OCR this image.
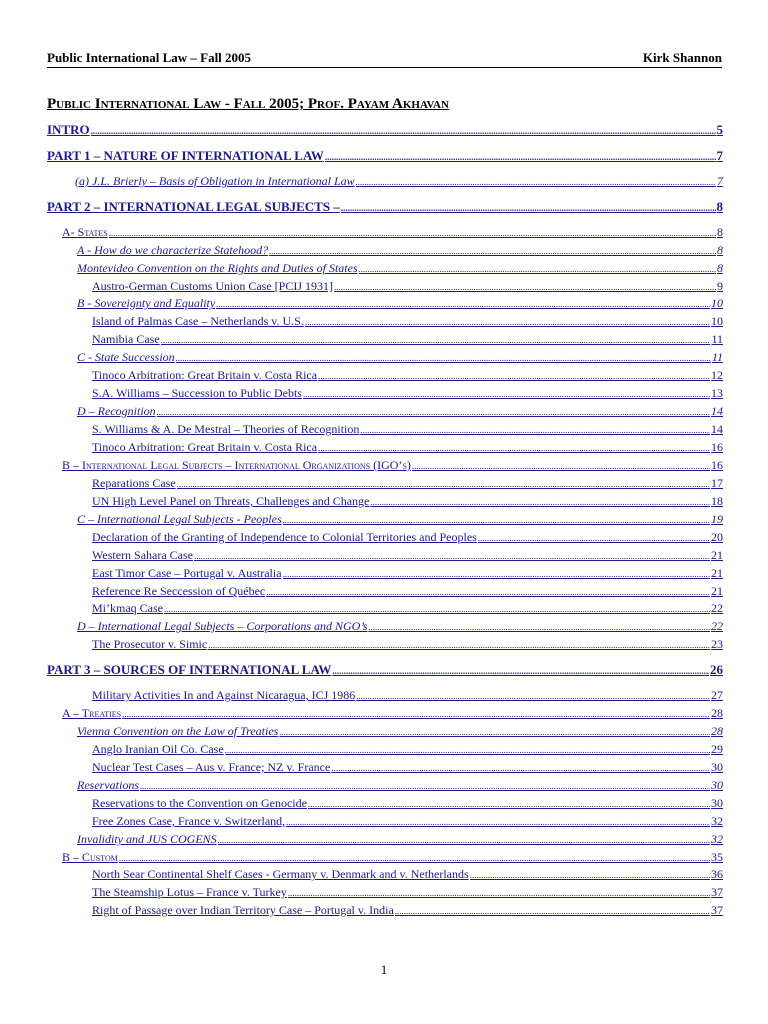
Public International Law – Fall 2005	Kirk Shannon
Public International Law - Fall 2005; Prof. Payam Akhavan
INTRO .....	5
PART 1 – NATURE OF INTERNATIONAL LAW .....	7
(a) J.L. Brierly – Basis of Obligation in International Law .....	7
PART 2 – INTERNATIONAL LEGAL SUBJECTS – .....	8
A- States .....	8
A - How do we characterize Statehood? .....	8
Montevideo Convention on the Rights and Duties of States .....	8
Austro-German Customs Union Case [PCIJ 1931] .....	9
B - Sovereignty and Equality .....	10
Island of Palmas Case – Netherlands v. U.S. .....	10
Namibia Case .....	11
C - State Succession .....	11
Tinoco Arbitration: Great Britain v. Costa Rica .....	12
S.A. Williams – Succession to Public Debts .....	13
D – Recognition .....	14
S. Williams & A. De Mestral – Theories of Recognition .....	14
Tinoco Arbitration: Great Britain v. Costa Rica .....	16
B – International Legal Subjects – International Organizations (IGO’s) .....	16
Reparations Case .....	17
UN High Level Panel on Threats, Challenges and Change .....	18
C – International Legal Subjects - Peoples .....	19
Declaration of the Granting of Independence to Colonial Territories and Peoples .....	20
Western Sahara Case .....	21
East Timor Case – Portugal v. Australia .....	21
Reference Re Seccession of Québec .....	21
Mi’kmaq Case .....	22
D – International Legal Subjects – Corporations and NGO’s .....	22
The Prosecutor v. Simic .....	23
PART 3 – SOURCES OF INTERNATIONAL LAW .....	26
Military Activities In and Against Nicaragua, ICJ 1986 .....	27
A – Treaties .....	28
Vienna Convention on the Law of Treaties .....	28
Anglo Iranian Oil Co. Case .....	29
Nuclear Test Cases – Aus v. France; NZ v. France .....	30
Reservations .....	30
Reservations to the Convention on Genocide .....	30
Free Zones Case, France v. Switzerland, .....	32
Invalidity and JUS COGENS .....	32
B – Custom .....	35
North Sear Continental Shelf Cases - Germany v. Denmark and v. Netherlands .....	36
The Steamship Lotus – France v. Turkey .....	37
Right of Passage over Indian Territory Case – Portugal v. India .....	37
1
